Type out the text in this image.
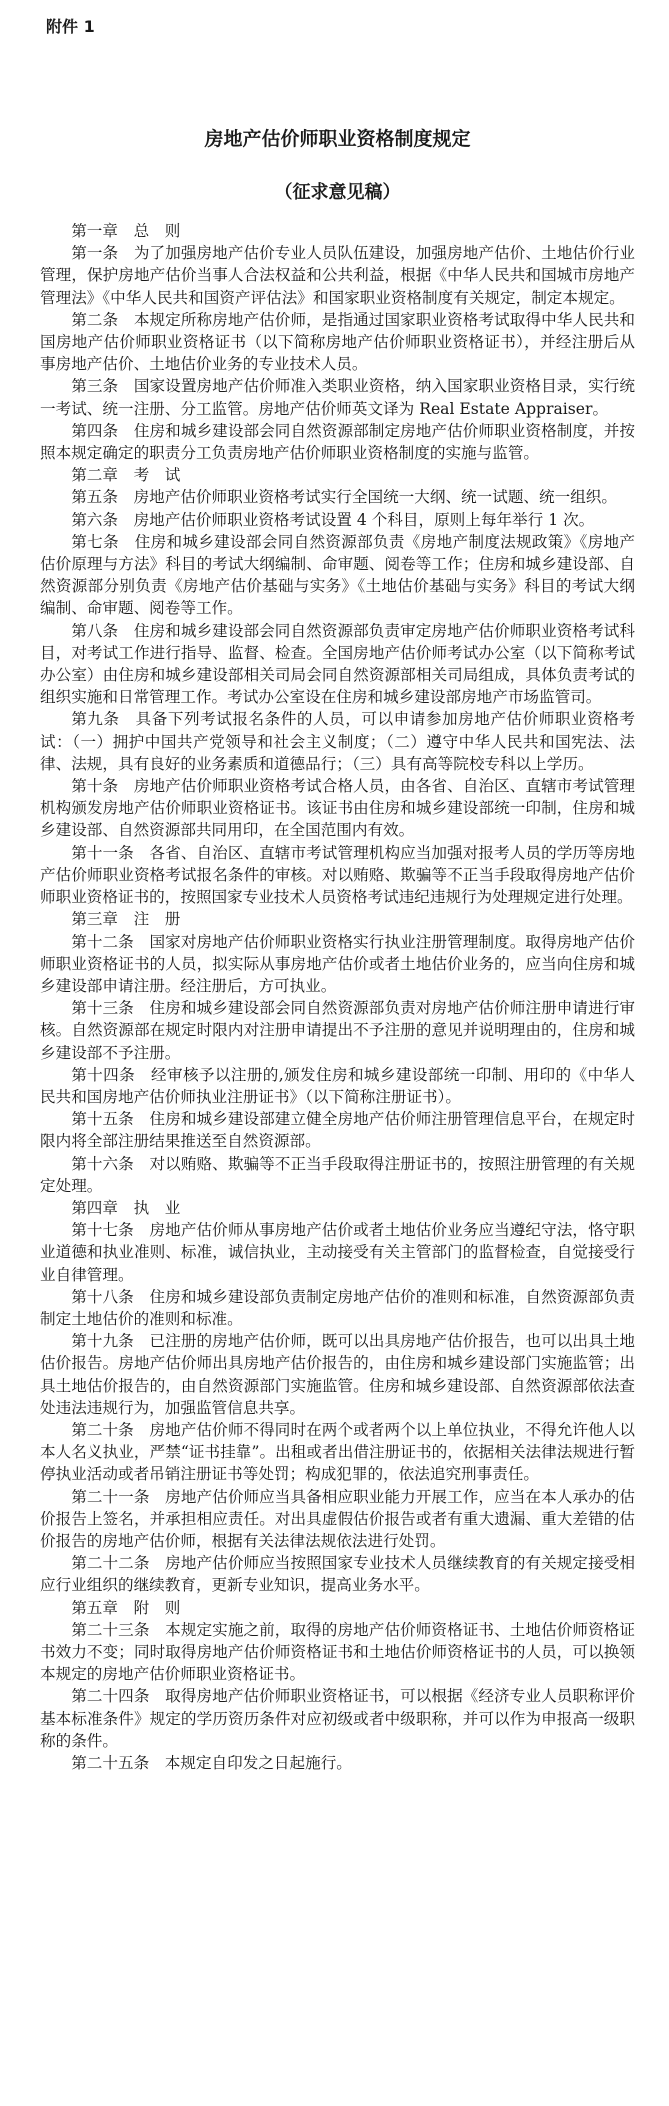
附件 1
房地产估价师职业资格制度规定
（征求意见稿）

第一章　总　则

第一条　为了加强房地产估价专业人员队伍建设，加强房地产估价、土地估价行业管理，保护房地产估价当事人合法权益和公共利益，根据《中华人民共和国城市房地产管理法》《中华人民共和国资产评估法》和国家职业资格制度有关规定，制定本规定。

第二条　本规定所称房地产估价师，是指通过国家职业资格考试取得中华人民共和国房地产估价师职业资格证书（以下简称房地产估价师职业资格证书），并经注册后从事房地产估价、土地估价业务的专业技术人员。

第三条　国家设置房地产估价师准入类职业资格，纳入国家职业资格目录，实行统一考试、统一注册、分工监管。房地产估价师英文译为 Real Estate Appraiser。

第四条　住房和城乡建设部会同自然资源部制定房地产估价师职业资格制度，并按照本规定确定的职责分工负责房地产估价师职业资格制度的实施与监管。

第二章　考　试

第五条　房地产估价师职业资格考试实行全国统一大纲、统一试题、统一组织。

第六条　房地产估价师职业资格考试设置 4 个科目，原则上每年举行 1 次。

第七条　住房和城乡建设部会同自然资源部负责《房地产制度法规政策》《房地产估价原理与方法》科目的考试大纲编制、命审题、阅卷等工作；住房和城乡建设部、自然资源部分别负责《房地产估价基础与实务》《土地估价基础与实务》科目的考试大纲编制、命审题、阅卷等工作。

第八条　住房和城乡建设部会同自然资源部负责审定房地产估价师职业资格考试科目，对考试工作进行指导、监督、检查。全国房地产估价师考试办公室（以下简称考试办公室）由住房和城乡建设部相关司局会同自然资源部相关司局组成，具体负责考试的组织实施和日常管理工作。考试办公室设在住房和城乡建设部房地产市场监管司。

第九条　具备下列考试报名条件的人员，可以申请参加房地产估价师职业资格考试：（一）拥护中国共产党领导和社会主义制度；（二）遵守中华人民共和国宪法、法律、法规，具有良好的业务素质和道德品行；（三）具有高等院校专科以上学历。

第十条　房地产估价师职业资格考试合格人员，由各省、自治区、直辖市考试管理机构颁发房地产估价师职业资格证书。该证书由住房和城乡建设部统一印制，住房和城乡建设部、自然资源部共同用印，在全国范围内有效。

第十一条　各省、自治区、直辖市考试管理机构应当加强对报考人员的学历等房地产估价师职业资格考试报名条件的审核。对以贿赂、欺骗等不正当手段取得房地产估价师职业资格证书的，按照国家专业技术人员资格考试违纪违规行为处理规定进行处理。

第三章　注　册

第十二条　国家对房地产估价师职业资格实行执业注册管理制度。取得房地产估价师职业资格证书的人员，拟实际从事房地产估价或者土地估价业务的，应当向住房和城乡建设部申请注册。经注册后，方可执业。

第十三条　住房和城乡建设部会同自然资源部负责对房地产估价师注册申请进行审核。自然资源部在规定时限内对注册申请提出不予注册的意见并说明理由的，住房和城乡建设部不予注册。

第十四条　经审核予以注册的,颁发住房和城乡建设部统一印制、用印的《中华人民共和国房地产估价师执业注册证书》（以下简称注册证书）。

第十五条　住房和城乡建设部建立健全房地产估价师注册管理信息平台，在规定时限内将全部注册结果推送至自然资源部。

第十六条　对以贿赂、欺骗等不正当手段取得注册证书的，按照注册管理的有关规定处理。

第四章　执　业

第十七条　房地产估价师从事房地产估价或者土地估价业务应当遵纪守法，恪守职业道德和执业准则、标准，诚信执业，主动接受有关主管部门的监督检查，自觉接受行业自律管理。

第十八条　住房和城乡建设部负责制定房地产估价的准则和标准，自然资源部负责制定土地估价的准则和标准。

第十九条　已注册的房地产估价师，既可以出具房地产估价报告，也可以出具土地估价报告。房地产估价师出具房地产估价报告的，由住房和城乡建设部门实施监管；出具土地估价报告的，由自然资源部门实施监管。住房和城乡建设部、自然资源部依法查处违法违规行为，加强监管信息共享。

第二十条　房地产估价师不得同时在两个或者两个以上单位执业，不得允许他人以本人名义执业，严禁“证书挂靠”。出租或者出借注册证书的，依据相关法律法规进行暂停执业活动或者吊销注册证书等处罚；构成犯罪的，依法追究刑事责任。

第二十一条　房地产估价师应当具备相应职业能力开展工作，应当在本人承办的估价报告上签名，并承担相应责任。对出具虚假估价报告或者有重大遗漏、重大差错的估价报告的房地产估价师，根据有关法律法规依法进行处罚。

第二十二条　房地产估价师应当按照国家专业技术人员继续教育的有关规定接受相应行业组织的继续教育，更新专业知识，提高业务水平。

第五章　附　则

第二十三条　本规定实施之前，取得的房地产估价师资格证书、土地估价师资格证书效力不变；同时取得房地产估价师资格证书和土地估价师资格证书的人员，可以换领本规定的房地产估价师职业资格证书。

第二十四条　取得房地产估价师职业资格证书，可以根据《经济专业人员职称评价基本标准条件》规定的学历资历条件对应初级或者中级职称，并可以作为申报高一级职称的条件。

第二十五条　本规定自印发之日起施行。
